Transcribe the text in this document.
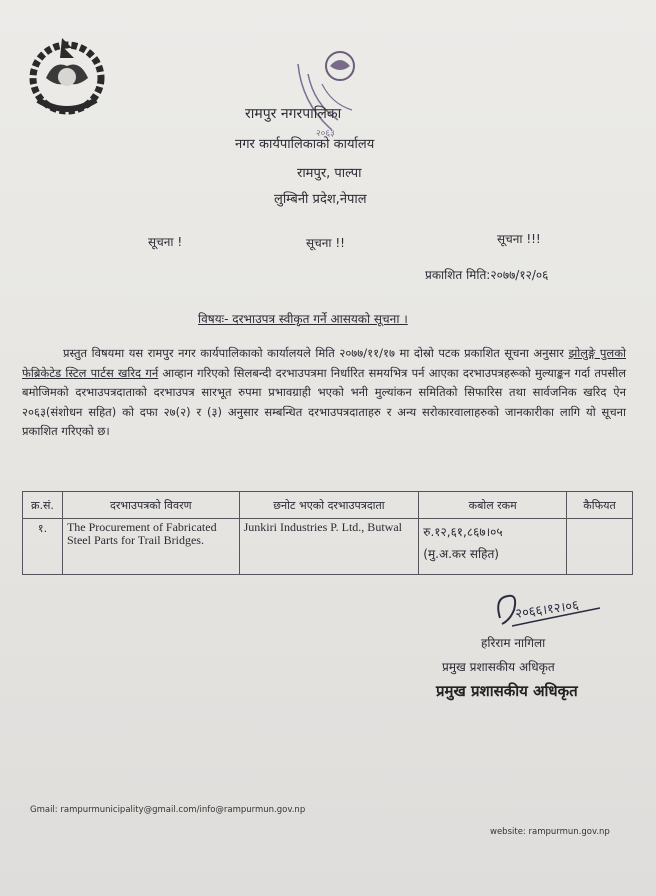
२०६३
रामपुर नगरपालिका
नगर कार्यपालिकाको कार्यालय
रामपुर, पाल्पा
लुम्बिनी प्रदेश,नेपाल
सूचना !	सूचना !!	सूचना !!!
प्रकाशित मिति:२०७७/१२/०६
विषयः- दरभाउपत्र स्वीकृत गर्ने आसयको सूचना ।
प्रस्तुत विषयमा यस रामपुर नगर कार्यपालिकाको कार्यालयले मिति २०७७/११/१७ मा दोस्रो पटक प्रकाशित सूचना अनुसार झोलुङ्गे पुलको फेब्रिकेटेड स्टिल पार्टस खरिद गर्न आव्हान गरिएको सिलबन्दी दरभाउपत्रमा निर्धारित समयभित्र पर्न आएका दरभाउपत्रहरूको मुल्याङ्कन गर्दा तपसील बमोजिमको दरभाउपत्रदाताको दरभाउपत्र सारभूत रुपमा प्रभावग्राही भएको भनी मुल्यांकन समितिको सिफारिस तथा सार्वजनिक खरिद ऐन २०६३(संशोधन सहित) को दफा २७(२) र (३) अनुसार सम्बन्धित दरभाउपत्रदाताहरु र अन्य सरोकारवालाहरुको जानकारीका लागि यो सूचना प्रकाशित गरिएको छ।
क्र.सं.	दरभाउपत्रको विवरण	छनोट भएको दरभाउपत्रदाता	कबोल रकम	कैफियत
१.	The Procurement of Fabricated Steel Parts for Trail Bridges.	Junkiri Industries P. Ltd., Butwal	रु.१२,६१,८६७।०५
(मु.अ.कर सहित)	

२०६६।१२।०६
हरिराम नागिला
प्रमुख प्रशासकीय अधिकृत
प्रमुख प्रशासकीय अधिकृत
Gmail: rampurmunicipality@gmail.com/info@rampurmun.gov.np
website: rampurmun.gov.np
